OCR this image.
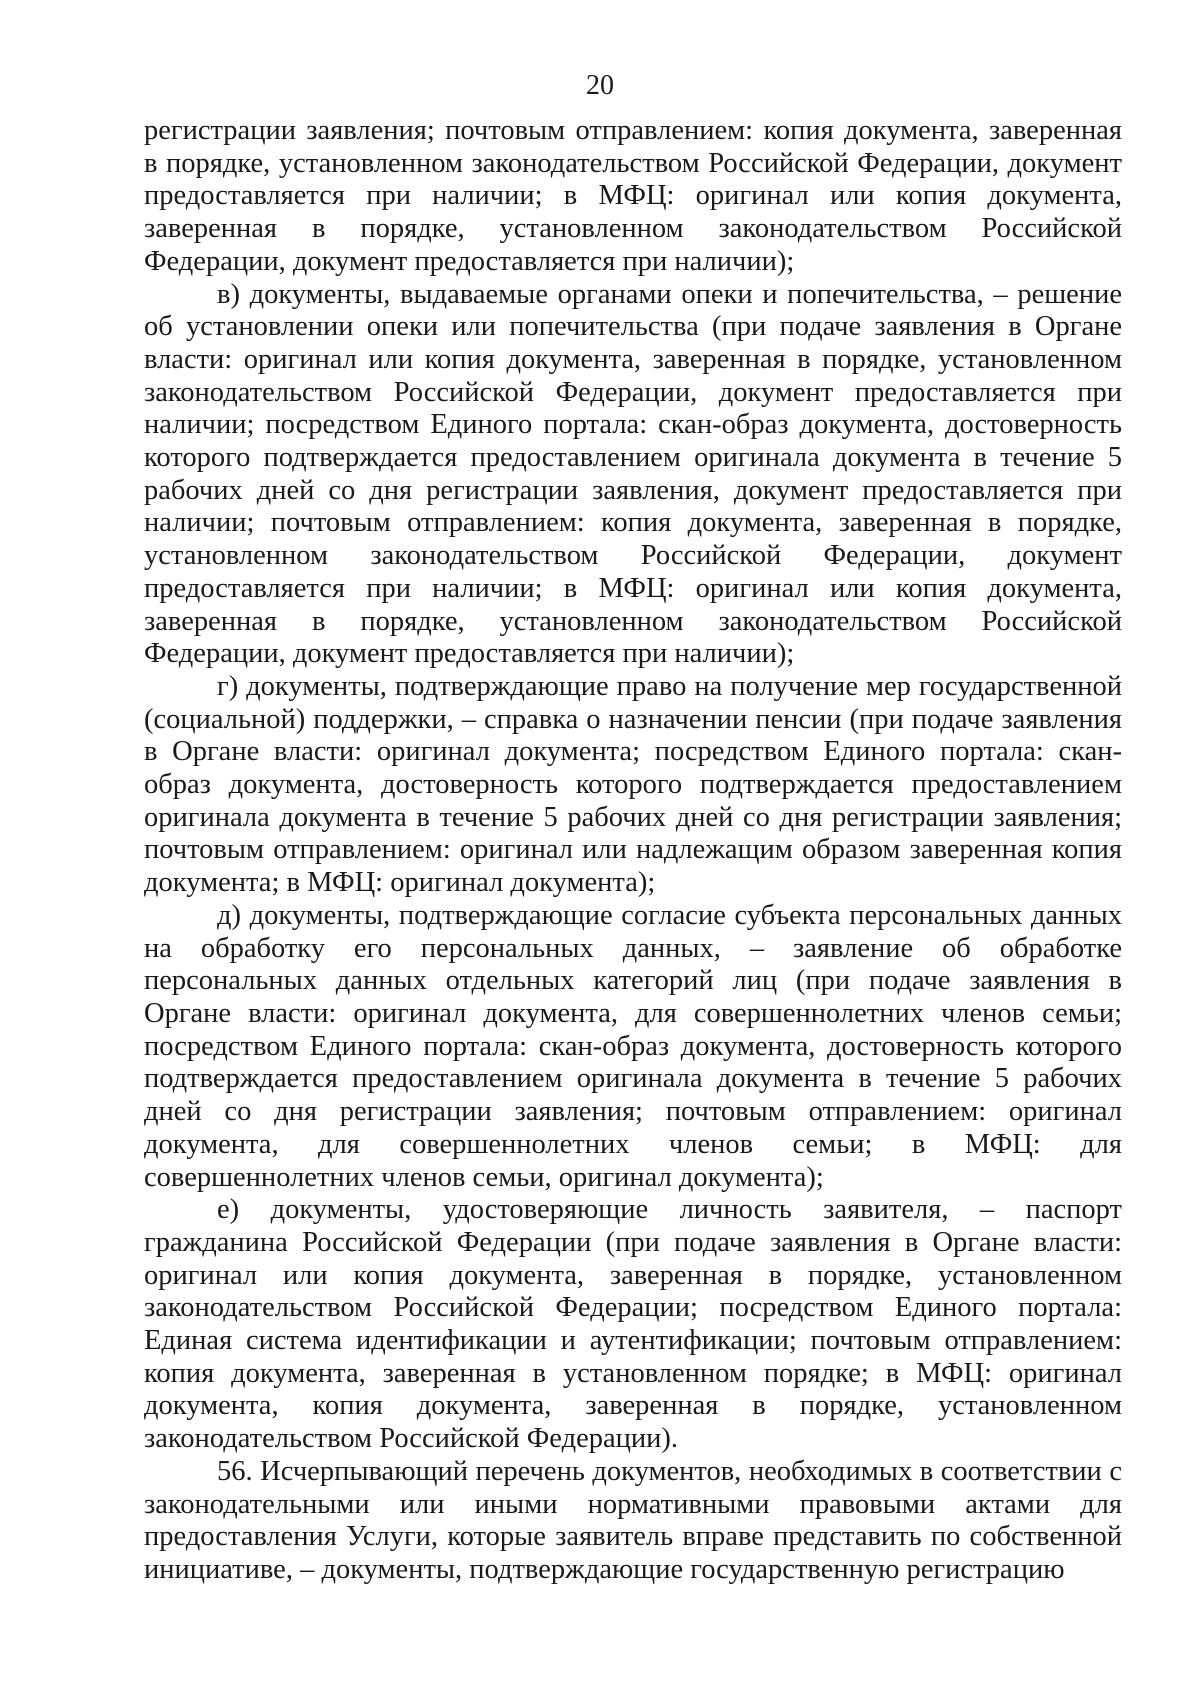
20

регистрации заявления; почтовым отправлением: копия документа, заверенная в порядке, установленном законодательством Российской Федерации, документ предоставляется при наличии; в МФЦ: оригинал или копия документа, заверенная в порядке, установленном законодательством Российской Федерации, документ предоставляется при наличии);

в) документы, выдаваемые органами опеки и попечительства, – решение об установлении опеки или попечительства (при подаче заявления в Органе власти: оригинал или копия документа, заверенная в порядке, установленном законодательством Российской Федерации, документ предоставляется при наличии; посредством Единого портала: скан-образ документа, достоверность которого подтверждается предоставлением оригинала документа в течение 5 рабочих дней со дня регистрации заявления, документ предоставляется при наличии; почтовым отправлением: копия документа, заверенная в порядке, установленном законодательством Российской Федерации, документ предоставляется при наличии; в МФЦ: оригинал или копия документа, заверенная в порядке, установленном законодательством Российской Федерации, документ предоставляется при наличии);

г) документы, подтверждающие право на получение мер государственной (социальной) поддержки, – справка о назначении пенсии (при подаче заявления в Органе власти: оригинал документа; посредством Единого портала: скан-образ документа, достоверность которого подтверждается предоставлением оригинала документа в течение 5 рабочих дней со дня регистрации заявления; почтовым отправлением: оригинал или надлежащим образом заверенная копия документа; в МФЦ: оригинал документа);

д) документы, подтверждающие согласие субъекта персональных данных на обработку его персональных данных, – заявление об обработке персональных данных отдельных категорий лиц (при подаче заявления в Органе власти: оригинал документа, для совершеннолетних членов семьи; посредством Единого портала: скан-образ документа, достоверность которого подтверждается предоставлением оригинала документа в течение 5 рабочих дней со дня регистрации заявления; почтовым отправлением: оригинал документа, для совершеннолетних членов семьи; в МФЦ: для совершеннолетних членов семьи, оригинал документа);

е) документы, удостоверяющие личность заявителя, – паспорт гражданина Российской Федерации (при подаче заявления в Органе власти: оригинал или копия документа, заверенная в порядке, установленном законодательством Российской Федерации; посредством Единого портала: Единая система идентификации и аутентификации; почтовым отправлением: копия документа, заверенная в установленном порядке; в МФЦ: оригинал документа, копия документа, заверенная в порядке, установленном законодательством Российской Федерации).

56. Исчерпывающий перечень документов, необходимых в соответствии с законодательными или иными нормативными правовыми актами для предоставления Услуги, которые заявитель вправе представить по собственной инициативе, – документы, подтверждающие государственную регистрацию
